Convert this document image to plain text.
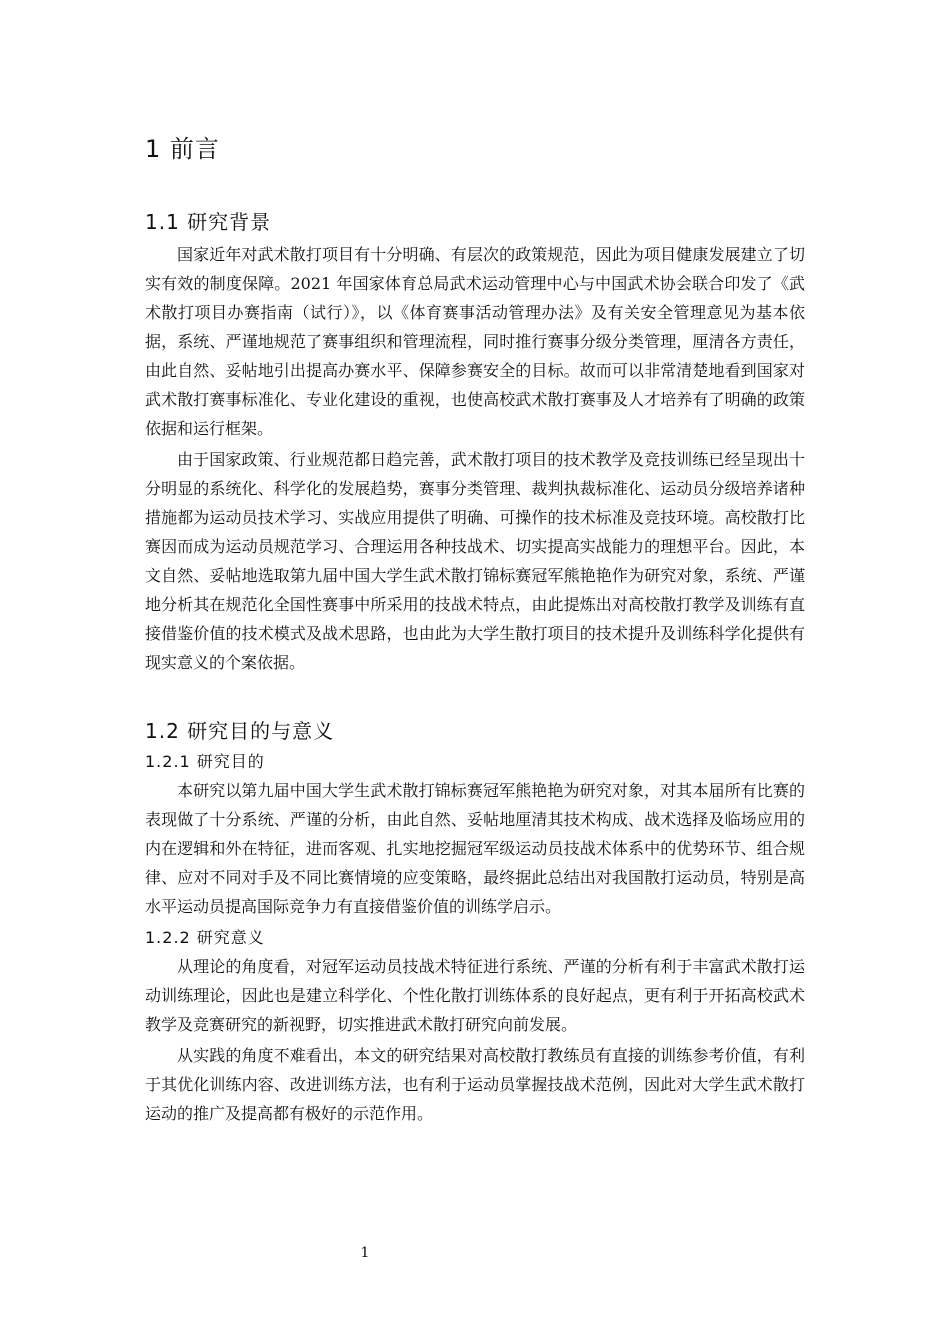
1 前言
1.1 研究背景

国家近年对武术散打项目有十分明确、有层次的政策规范，因此为项目健康发展建立了切实有效的制度保障。2021 年国家体育总局武术运动管理中心与中国武术协会联合印发了《武术散打项目办赛指南（试行）》，以《体育赛事活动管理办法》及有关安全管理意见为基本依据，系统、严谨地规范了赛事组织和管理流程，同时推行赛事分级分类管理，厘清各方责任，由此自然、妥帖地引出提高办赛水平、保障参赛安全的目标。故而可以非常清楚地看到国家对武术散打赛事标准化、专业化建设的重视，也使高校武术散打赛事及人才培养有了明确的政策依据和运行框架。

由于国家政策、行业规范都日趋完善，武术散打项目的技术教学及竞技训练已经呈现出十分明显的系统化、科学化的发展趋势，赛事分类管理、裁判执裁标准化、运动员分级培养诸种措施都为运动员技术学习、实战应用提供了明确、可操作的技术标准及竞技环境。高校散打比赛因而成为运动员规范学习、合理运用各种技战术、切实提高实战能力的理想平台。因此，本文自然、妥帖地选取第九届中国大学生武术散打锦标赛冠军熊艳艳作为研究对象，系统、严谨地分析其在规范化全国性赛事中所采用的技战术特点，由此提炼出对高校散打教学及训练有直接借鉴价值的技术模式及战术思路，也由此为大学生散打项目的技术提升及训练科学化提供有现实意义的个案依据。

1.2 研究目的与意义
1.2.1 研究目的

本研究以第九届中国大学生武术散打锦标赛冠军熊艳艳为研究对象，对其本届所有比赛的表现做了十分系统、严谨的分析，由此自然、妥帖地厘清其技术构成、战术选择及临场应用的内在逻辑和外在特征，进而客观、扎实地挖掘冠军级运动员技战术体系中的优势环节、组合规律、应对不同对手及不同比赛情境的应变策略，最终据此总结出对我国散打运动员，特别是高水平运动员提高国际竞争力有直接借鉴价值的训练学启示。

1.2.2 研究意义

从理论的角度看，对冠军运动员技战术特征进行系统、严谨的分析有利于丰富武术散打运动训练理论，因此也是建立科学化、个性化散打训练体系的良好起点，更有利于开拓高校武术教学及竞赛研究的新视野，切实推进武术散打研究向前发展。

从实践的角度不难看出，本文的研究结果对高校散打教练员有直接的训练参考价值，有利于其优化训练内容、改进训练方法，也有利于运动员掌握技战术范例，因此对大学生武术散打运动的推广及提高都有极好的示范作用。

1
